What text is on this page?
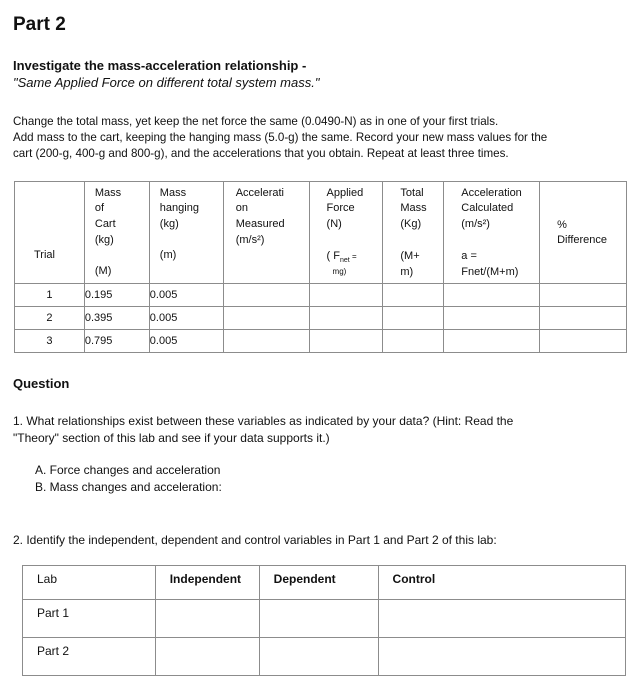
Part 2
Investigate the mass-acceleration relationship -
"Same Applied Force on different total system mass."
Change the total mass, yet keep the net force the same (0.0490-N) as in one of your first trials.
Add mass to the cart, keeping the hanging mass (5.0-g) the same. Record your new mass values for the
cart (200-g, 400-g and 800-g), and the accelerations that you obtain. Repeat at least three times.
Trial	Mass
of
Cart
(kg)
(M)	Mass
hanging
(kg)
(m)	Accelerati
on
Measured
(m/s²)	Applied
Force
(N)
( $F_{net}$ =
mg)	Total
Mass
(Kg)
(M+
m)	Acceleration
Calculated
(m/s²)
a =
Fnet/(M+m)	%
Difference

1	0.195	0.005					
2	0.395	0.005					
3	0.795	0.005					
Question
1. What relationships exist between these variables as indicated by your data? (Hint: Read the
"Theory" section of this lab and see if your data supports it.)
A. Force changes and acceleration
B. Mass changes and acceleration:
2. Identify the independent, dependent and control variables in Part 1 and Part 2 of this lab:
Lab	Independent	Dependent	Control
Part 1			
Part 2			
